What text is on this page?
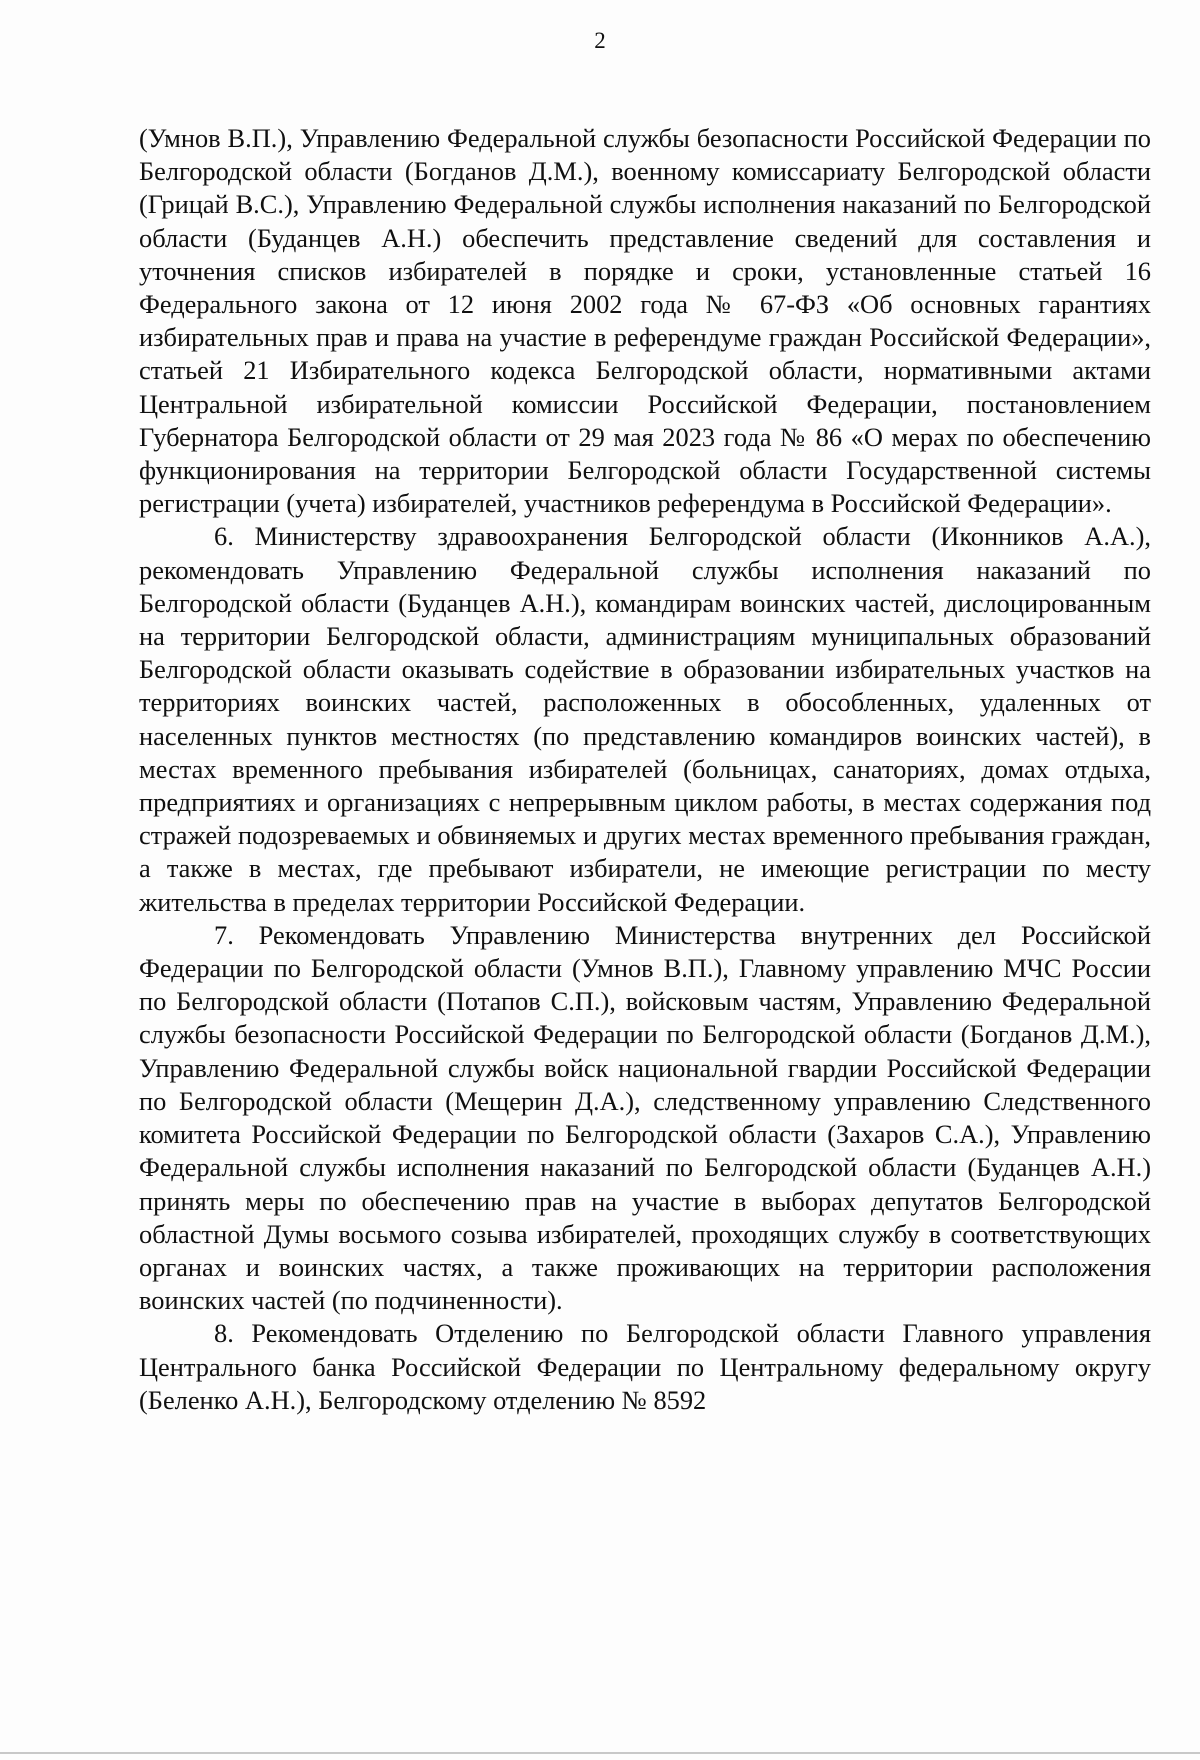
2

(Умнов В.П.), Управлению Федеральной службы безопасности Российской Федерации по Белгородской области (Богданов Д.М.), военному комиссариату Белгородской области (Грицай В.С.), Управлению Федеральной службы исполнения наказаний по Белгородской области (Буданцев А.Н.) обеспечить представление сведений для составления и уточнения списков избирателей в порядке и сроки, установленные статьей 16 Федерального закона от 12 июня 2002 года № 67-ФЗ «Об основных гарантиях избирательных прав и права на участие в референдуме граждан Российской Федерации», статьей 21 Избирательного кодекса Белгородской области, нормативными актами Центральной избирательной комиссии Российской Федерации, постановлением Губернатора Белгородской области от 29 мая 2023 года № 86 «О мерах по обеспечению функционирования на территории Белгородской области Государственной системы регистрации (учета) избирателей, участников референдума в Российской Федерации».

6. Министерству здравоохранения Белгородской области (Иконников А.А.), рекомендовать Управлению Федеральной службы исполнения наказаний по Белгородской области (Буданцев А.Н.), командирам воинских частей, дислоцированным на территории Белгородской области, администрациям муниципальных образований Белгородской области оказывать содействие в образовании избирательных участков на территориях воинских частей, расположенных в обособленных, удаленных от населенных пунктов местностях (по представлению командиров воинских частей), в местах временного пребывания избирателей (больницах, санаториях, домах отдыха, предприятиях и организациях с непрерывным циклом работы, в местах содержания под стражей подозреваемых и обвиняемых и других местах временного пребывания граждан, а также в местах, где пребывают избиратели, не имеющие регистрации по месту жительства в пределах территории Российской Федерации.

7. Рекомендовать Управлению Министерства внутренних дел Российской Федерации по Белгородской области (Умнов В.П.), Главному управлению МЧС России по Белгородской области (Потапов С.П.), войсковым частям, Управлению Федеральной службы безопасности Российской Федерации по Белгородской области (Богданов Д.М.), Управлению Федеральной службы войск национальной гвардии Российской Федерации по Белгородской области (Мещерин Д.А.), следственному управлению Следственного комитета Российской Федерации по Белгородской области (Захаров С.А.), Управлению Федеральной службы исполнения наказаний по Белгородской области (Буданцев А.Н.) принять меры по обеспечению прав на участие в выборах депутатов Белгородской областной Думы восьмого созыва избирателей, проходящих службу в соответствующих органах и воинских частях, а также проживающих на территории расположения воинских частей (по подчиненности).

8. Рекомендовать Отделению по Белгородской области Главного управления Центрального банка Российской Федерации по Центральному федеральному округу (Беленко А.Н.), Белгородскому отделению № 8592
